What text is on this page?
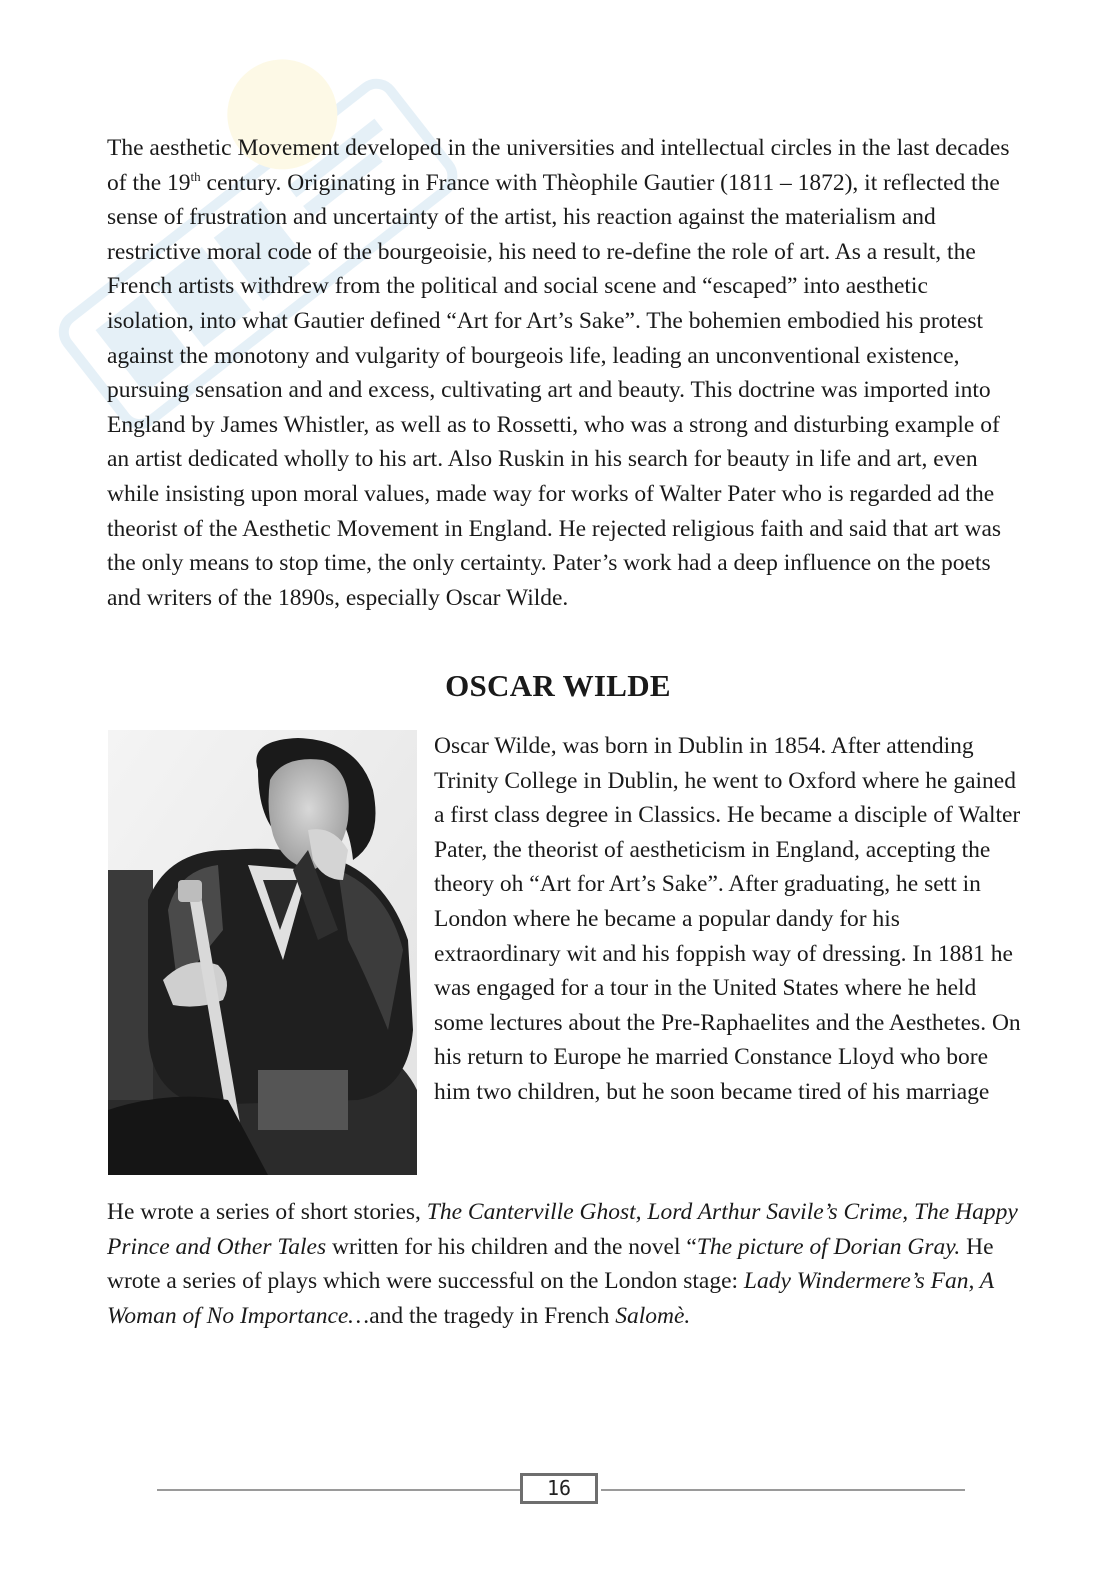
The aesthetic Movement developed in the universities and intellectual circles in the last decades of the 19th century. Originating in France with Thèophile Gautier (1811 – 1872), it reflected the sense of frustration and uncertainty of the artist, his reaction against the materialism and restrictive moral code of the bourgeoisie, his need to re-define the role of art. As a result, the French artists withdrew from the political and social scene and “escaped” into aesthetic isolation, into what Gautier defined “Art for Art’s Sake”. The bohemien embodied his protest against the monotony and vulgarity of bourgeois life, leading an unconventional existence, pursuing sensation and and excess, cultivating art and beauty. This doctrine was imported into England by James Whistler, as well as to Rossetti, who was a strong and disturbing example of an artist dedicated wholly to his art. Also Ruskin in his search for beauty in life and art, even while insisting upon moral values, made way for works of Walter Pater who is regarded ad the theorist of the Aesthetic Movement in England. He rejected religious faith and said that art was the only means to stop time, the only certainty. Pater’s work had a deep influence on the poets and writers of the 1890s, especially Oscar Wilde.

OSCAR WILDE

Oscar Wilde, was born in Dublin in 1854. After attending Trinity College in Dublin, he went to Oxford where he gained a first class degree in Classics. He became a disciple of Walter Pater, the theorist of aestheticism in England, accepting the theory oh “Art for Art’s Sake”. After graduating, he sett in London where he became a popular dandy for his extraordinary wit and his foppish way of dressing. In 1881 he was engaged for a tour in the United States where he held some lectures about the Pre-Raphaelites and the Aesthetes. On his return to Europe he married Constance Lloyd who bore him two children, but he soon became tired of his marriage

He wrote a series of short stories, The Canterville Ghost, Lord Arthur Savile’s Crime, The Happy Prince and Other Tales written for his children and the novel “The picture of Dorian Gray. He wrote a series of plays which were successful on the London stage: Lady Windermere’s Fan, A Woman of No Importance…and the tragedy in French Salomè.

16
